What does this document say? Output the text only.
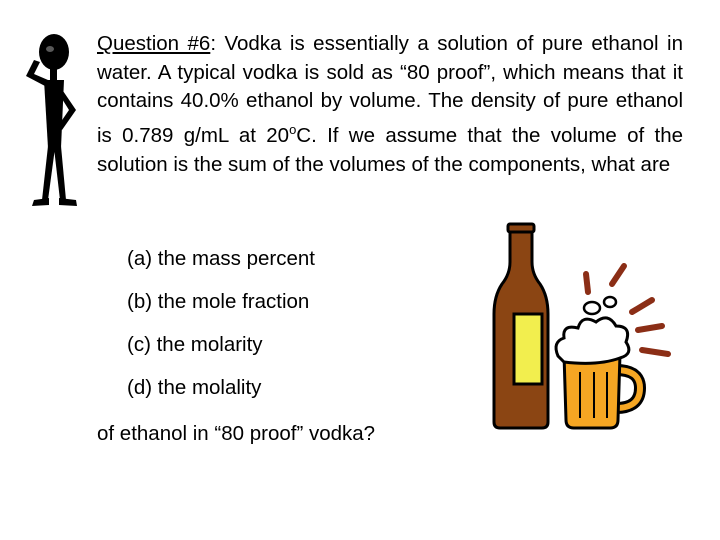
Question #6: Vodka is essentially a solution of pure ethanol in water. A typical vodka is sold as “80 proof”, which means that it contains 40.0% ethanol by volume. The density of pure ethanol is 0.789 g/mL at 20$^o$C. If we assume that the volume of the solution is the sum of the volumes of the components, what are
(a) the mass percent
(b) the mole fraction
(c) the molarity
(d) the molality
of ethanol in “80 proof” vodka?
